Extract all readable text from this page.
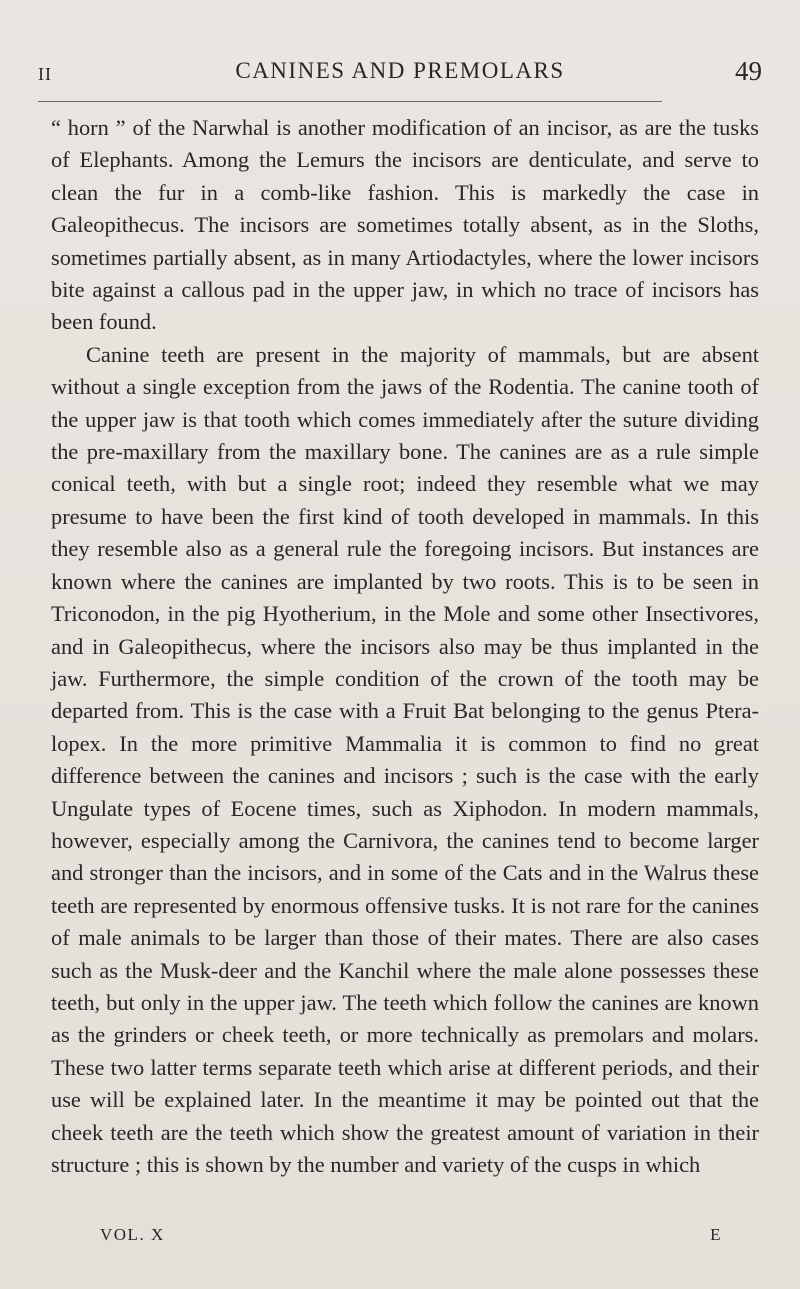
II	CANINES AND PREMOLARS	49

“ horn ” of the Narwhal is another modification of an incisor, as are the tusks of Elephants. Among the Lemurs the incisors are denticulate, and serve to clean the fur in a comb-like fashion. This is markedly the case in Galeopithecus. The incisors are sometimes totally absent, as in the Sloths, sometimes partially absent, as in many Artiodactyles, where the lower incisors bite against a callous pad in the upper jaw, in which no trace of incisors has been found.

Canine teeth are present in the majority of mammals, but are absent without a single exception from the jaws of the Rodentia. The canine tooth of the upper jaw is that tooth which comes immediately after the suture dividing the pre-maxillary from the maxillary bone. The canines are as a rule simple conical teeth, with but a single root; indeed they resemble what we may presume to have been the first kind of tooth developed in mammals. In this they resemble also as a general rule the foregoing incisors. But instances are known where the canines are implanted by two roots. This is to be seen in Triconodon, in the pig Hyotherium, in the Mole and some other Insectivores, and in Galeopithecus, where the incisors also may be thus implanted in the jaw. Furthermore, the simple condition of the crown of the tooth may be departed from. This is the case with a Fruit Bat belonging to the genus Ptera-lopex. In the more primitive Mammalia it is common to find no great difference between the canines and incisors ; such is the case with the early Ungulate types of Eocene times, such as Xiphodon. In modern mammals, however, especially among the Carnivora, the canines tend to become larger and stronger than the incisors, and in some of the Cats and in the Walrus these teeth are represented by enormous offensive tusks. It is not rare for the canines of male animals to be larger than those of their mates. There are also cases such as the Musk-deer and the Kanchil where the male alone possesses these teeth, but only in the upper jaw. The teeth which follow the canines are known as the grinders or cheek teeth, or more technically as premolars and molars. These two latter terms separate teeth which arise at different periods, and their use will be explained later. In the meantime it may be pointed out that the cheek teeth are the teeth which show the greatest amount of variation in their structure ; this is shown by the number and variety of the cusps in which

VOL. X	E
